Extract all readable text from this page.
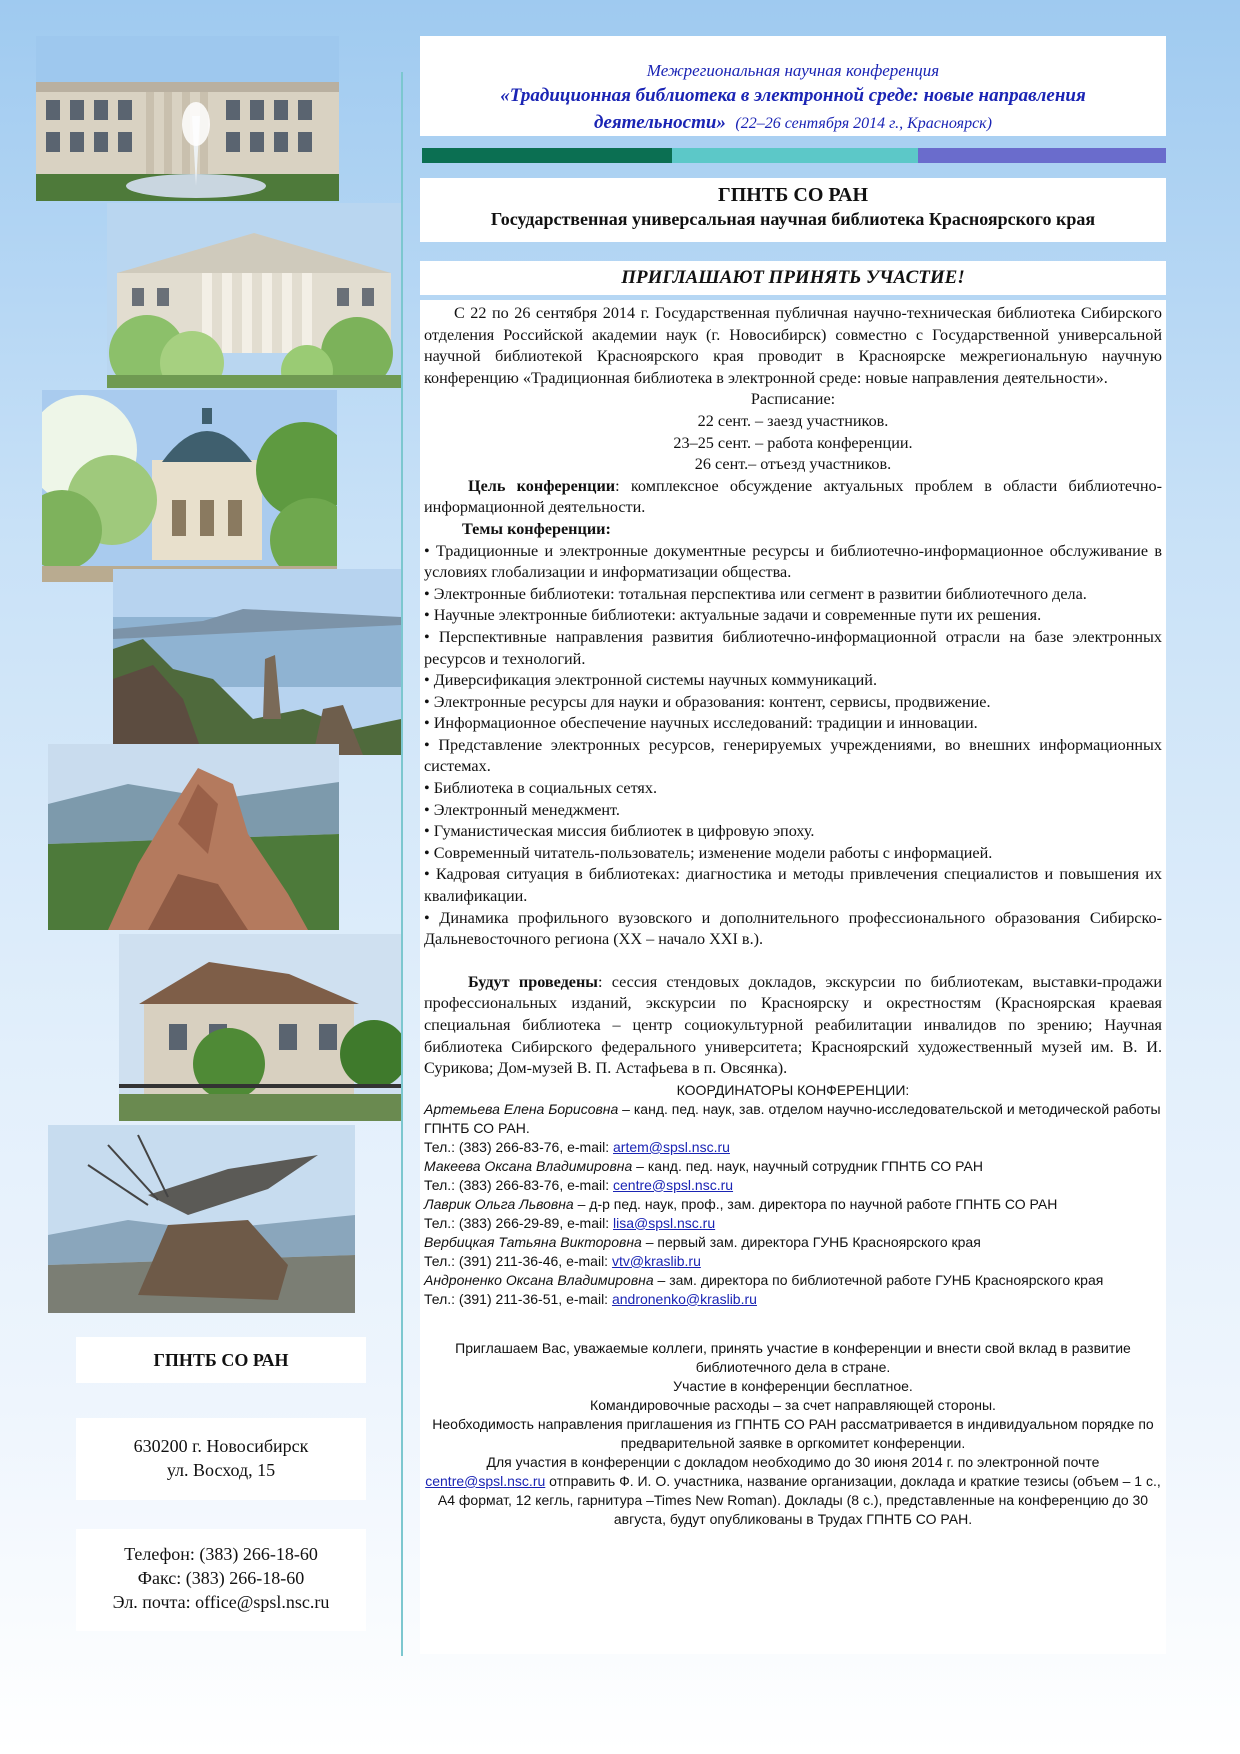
Межрегиональная научная конференция
«Традиционная библиотека в электронной среде: новые направления
деятельности» (22–26 сентября 2014 г., Красноярск)
ГПНТБ СО РАН
Государственная универсальная научная библиотека Красноярского края
ПРИГЛАШАЮТ ПРИНЯТЬ УЧАСТИЕ!

С 22 по 26 сентября 2014 г. Государственная публичная научно-техническая библиотека Сибирского отделения Российской академии наук (г. Новосибирск) совместно с Государственной универсальной научной библиотекой Красноярского края проводит в Красноярске межрегиональную научную конференцию «Традиционная библиотека в электронной среде: новые направления деятельности».

Расписание:

22 сент. – заезд участников.

23–25 сент. – работа конференции.

26 сент.– отъезд участников.

Цель конференции: комплексное обсуждение актуальных проблем в области библиотечно-информационной деятельности.

Темы конференции:

• Традиционные и электронные документные ресурсы и библиотечно-информационное обслуживание в условиях глобализации и информатизации общества.
• Электронные библиотеки: тотальная перспектива или сегмент в развитии библиотечного дела.
• Научные электронные библиотеки: актуальные задачи и современные пути их решения.
• Перспективные направления развития библиотечно-информационной отрасли на базе электронных ресурсов и технологий.
• Диверсификация электронной системы научных коммуникаций.
• Электронные ресурсы для науки и образования: контент, сервисы, продвижение.
• Информационное обеспечение научных исследований: традиции и инновации.
• Представление электронных ресурсов, генерируемых учреждениями, во внешних информационных системах.
• Библиотека в социальных сетях.
• Электронный менеджмент.
• Гуманистическая миссия библиотек в цифровую эпоху.
• Современный читатель-пользователь; изменение модели работы с информацией.
• Кадровая ситуация в библиотеках: диагностика и методы привлечения специалистов и повышения их квалификации.
• Динамика профильного вузовского и дополнительного профессионального образования Сибирско-Дальневосточного региона (XX – начало XXI в.).

Будут проведены: сессия стендовых докладов, экскурсии по библиотекам, выставки-продажи профессиональных изданий, экскурсии по Красноярску и окрестностям (Красноярская краевая специальная библиотека – центр социокультурной реабилитации инвалидов по зрению; Научная библиотека Сибирского федерального университета; Красноярский художественный музей им. В. И. Сурикова; Дом-музей В. П. Астафьева в п. Овсянка).

КООРДИНАТОРЫ КОНФЕРЕНЦИИ:
Артемьева Елена Борисовна – канд. пед. наук, зав. отделом научно-исследовательской и методической работы ГПНТБ СО РАН.
Тел.: (383) 266-83-76, e-mail: artem@spsl.nsc.ru
Макеева Оксана Владимировна – канд. пед. наук, научный сотрудник ГПНТБ СО РАН
Тел.: (383) 266-83-76, e-mail: centre@spsl.nsc.ru
Лаврик Ольга Львовна – д-р пед. наук, проф., зам. директора по научной работе ГПНТБ СО РАН
Тел.: (383) 266-29-89, e-mail: lisa@spsl.nsc.ru
Вербицкая Татьяна Викторовна – первый зам. директора ГУНБ Красноярского края
Тел.: (391) 211-36-46, e-mail: vtv@kraslib.ru
Андроненко Оксана Владимировна – зам. директора по библиотечной работе ГУНБ Красноярского края
Тел.: (391) 211-36-51, e-mail: andronenko@kraslib.ru
Приглашаем Вас, уважаемые коллеги, принять участие в конференции и внести свой вклад в развитие библиотечного дела в стране.
Участие в конференции бесплатное.
Командировочные расходы – за счет направляющей стороны.
Необходимость направления приглашения из ГПНТБ СО РАН рассматривается в индивидуальном порядке по предварительной заявке в оргкомитет конференции.
Для участия в конференции с докладом необходимо до 30 июня 2014 г. по электронной почте
centre@spsl.nsc.ru отправить Ф. И. О. участника, название организации, доклада и краткие тезисы (объем – 1 с., А4 формат, 12 кегль, гарнитура –Times New Roman). Доклады (8 с.), представленные на конференцию до 30 августа, будут опубликованы в Трудах ГПНТБ СО РАН.
ГПНТБ СО РАН
630200 г. Новосибирск
ул. Восход, 15
Телефон: (383) 266-18-60
Факс: (383) 266-18-60
Эл. почта: office@spsl.nsc.ru
